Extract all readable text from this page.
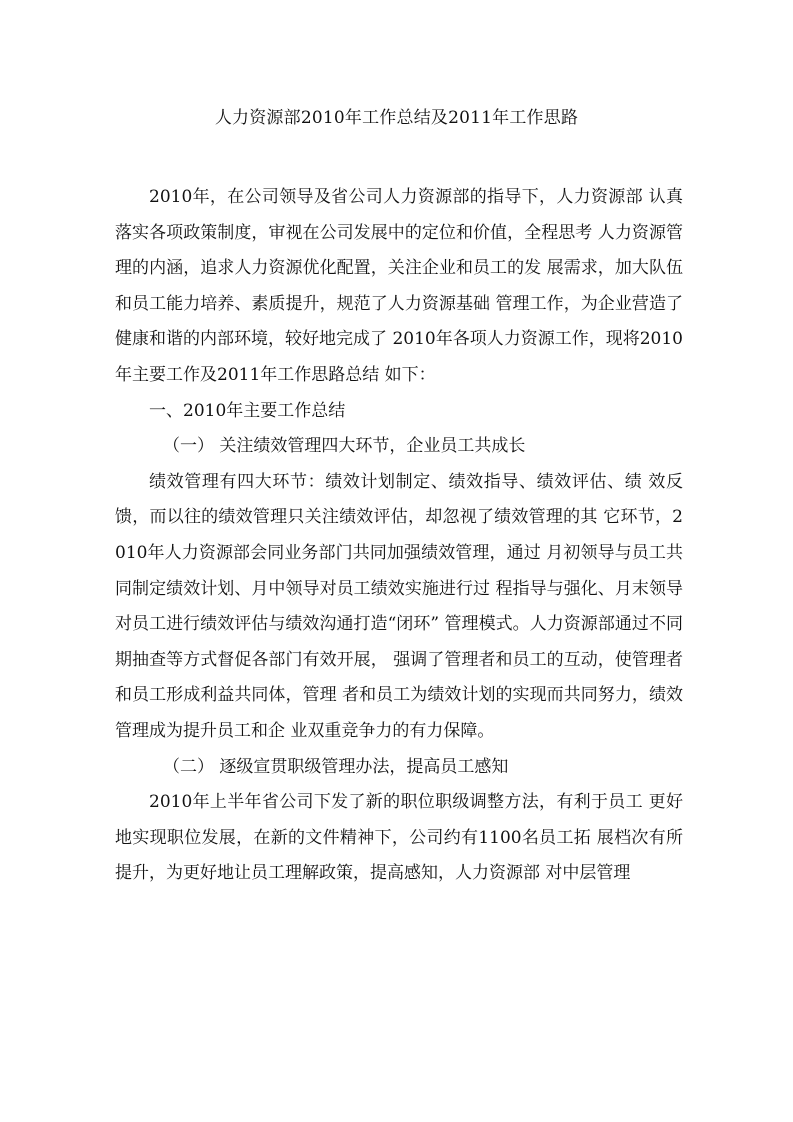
人力资源部2010年工作总结及2011年工作思路

2010年，在公司领导及省公司人力资源部的指导下，人力资源部 认真落实各项政策制度，审视在公司发展中的定位和价值，全程思考 人力资源管理的内涵，追求人力资源优化配置，关注企业和员工的发 展需求，加大队伍和员工能力培养、素质提升，规范了人力资源基础 管理工作，为企业营造了健康和谐的内部环境，较好地完成了 2010年各项人力资源工作，现将2010年主要工作及2011年工作思路总结 如下：

一、2010年主要工作总结

（一） 关注绩效管理四大环节，企业员工共成长

绩效管理有四大环节：绩效计划制定、绩效指导、绩效评估、绩 效反馈，而以往的绩效管理只关注绩效评估，却忽视了绩效管理的其 它环节，2010年人力资源部会同业务部门共同加强绩效管理，通过 月初领导与员工共同制定绩效计划、月中领导对员工绩效实施进行过 程指导与强化、月末领导对员工进行绩效评估与绩效沟通打造“闭环” 管理模式。人力资源部通过不同期抽查等方式督促各部门有效开展， 强调了管理者和员工的互动，使管理者和员工形成利益共同体，管理 者和员工为绩效计划的实现而共同努力，绩效管理成为提升员工和企 业双重竞争力的有力保障。

（二） 逐级宣贯职级管理办法，提高员工感知

2010年上半年省公司下发了新的职位职级调整方法，有利于员工 更好地实现职位发展，在新的文件精神下，公司约有1100名员工拓 展档次有所提升，为更好地让员工理解政策，提高感知，人力资源部 对中层管理
